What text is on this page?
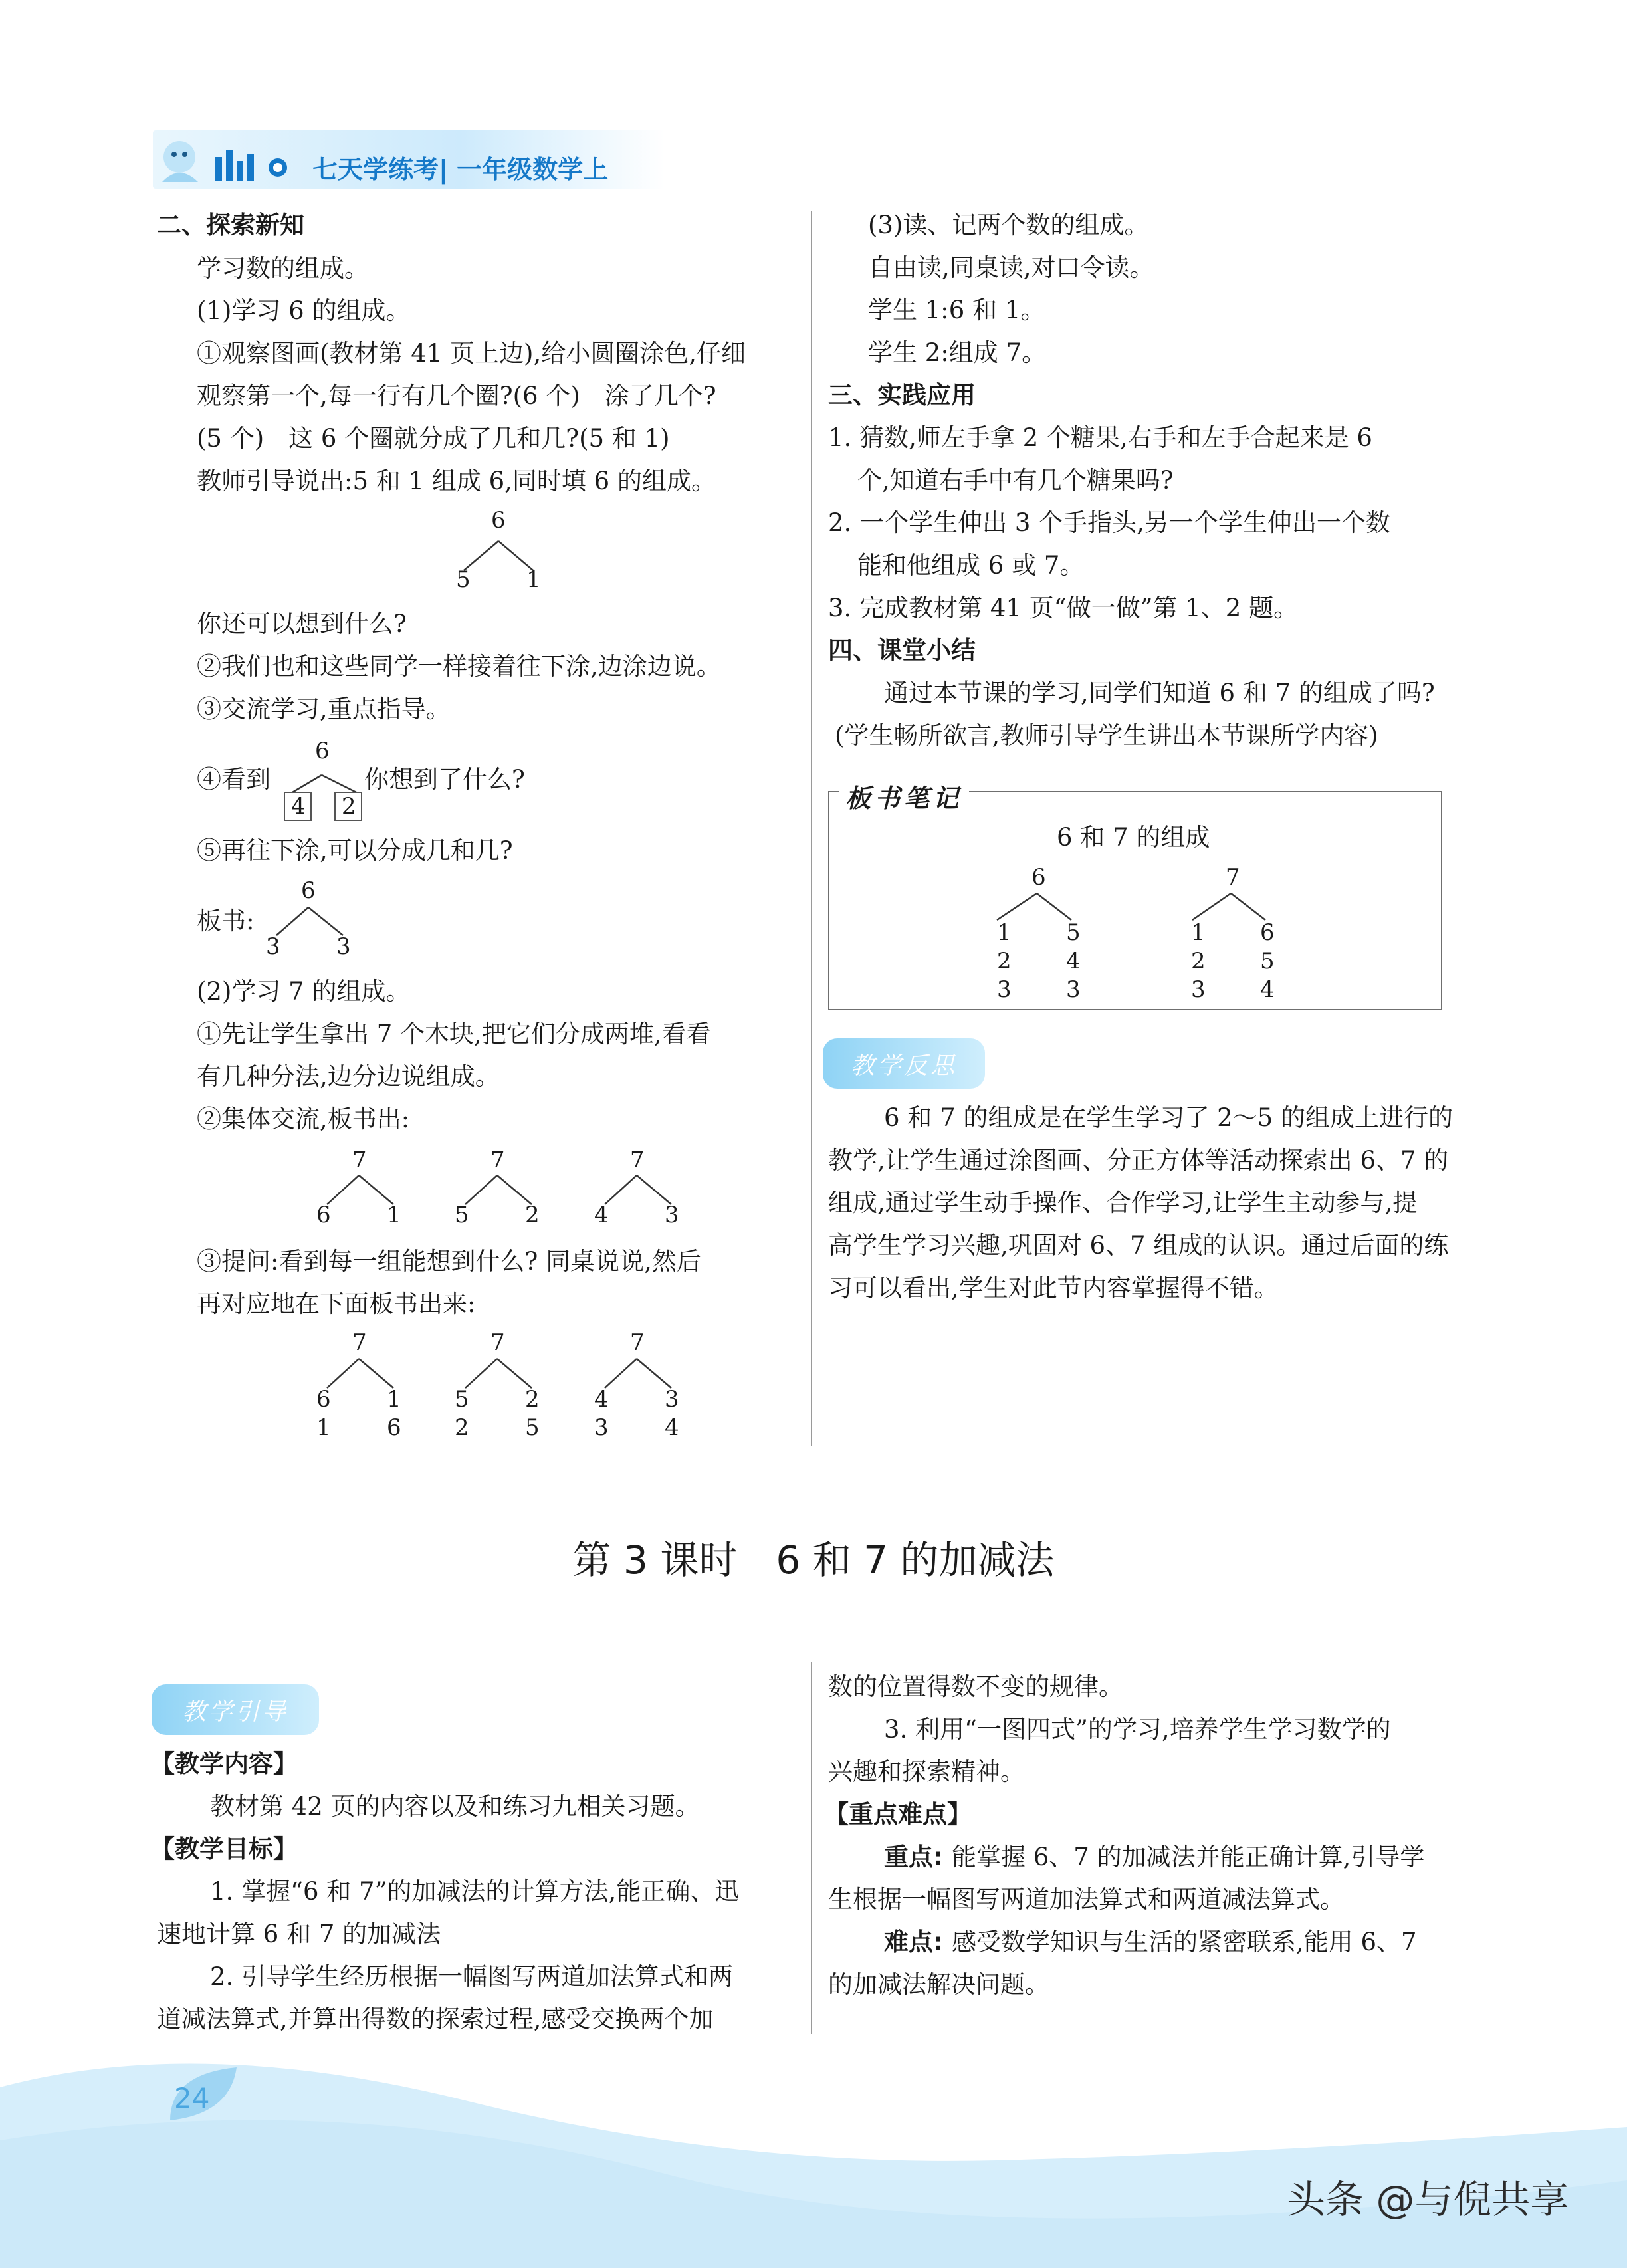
七天学练考| 一年级数学上
二、探索新知
学习数的组成。
(1)学习 6 的组成。
①观察图画(教材第 41 页上边),给小圆圈涂色,仔细
观察第一个,每一行有几个圈?(6 个)　涂了几个?
(5 个)　这 6 个圈就分成了几和几?(5 和 1)
教师引导说出:5 和 1 组成 6,同时填 6 的组成。
6
5 1
你还可以想到什么?
②我们也和这些同学一样接着往下涂,边涂边说。
③交流学习,重点指导。
④看到
6
4 2
你想到了什么?
⑤再往下涂,可以分成几和几?
板书:
6
3 3
(2)学习 7 的组成。
①先让学生拿出 7 个木块,把它们分成两堆,看看
有几种分法,边分边说组成。
②集体交流,板书出:
7
6 1
7
5 2
7
4 3
③提问:看到每一组能想到什么? 同桌说说,然后
再对应地在下面板书出来:
7
6 1
1 6
7
5 2
2 5
7
4 3
3 4
(3)读、记两个数的组成。
自由读,同桌读,对口令读。
学生 1:6 和 1。
学生 2:组成 7。
三、实践应用
1. 猜数,师左手拿 2 个糖果,右手和左手合起来是 6
个,知道右手中有几个糖果吗?
2. 一个学生伸出 3 个手指头,另一个学生伸出一个数
能和他组成 6 或 7。
3. 完成教材第 41 页“做一做”第 1、2 题。
四、课堂小结
通过本节课的学习,同学们知道 6 和 7 的组成了吗?
(学生畅所欲言,教师引导学生讲出本节课所学内容)
板书笔记
6 和 7 的组成
6
1
2
3
5
4
3
7
1
2
3
6
5
4
教学反思
6 和 7 的组成是在学生学习了 2～5 的组成上进行的
教学,让学生通过涂图画、分正方体等活动探索出 6、7 的
组成,通过学生动手操作、合作学习,让学生主动参与,提
高学生学习兴趣,巩固对 6、7 组成的认识。通过后面的练
习可以看出,学生对此节内容掌握得不错。
第 3 课时　6 和 7 的加减法
教学引导
【教学内容】
教材第 42 页的内容以及和练习九相关习题。
【教学目标】
1. 掌握“6 和 7”的加减法的计算方法,能正确、迅
速地计算 6 和 7 的加减法
2. 引导学生经历根据一幅图写两道加法算式和两
道减法算式,并算出得数的探索过程,感受交换两个加
数的位置得数不变的规律。
3. 利用“一图四式”的学习,培养学生学习数学的
兴趣和探索精神。
【重点难点】
重点: 能掌握 6、7 的加减法并能正确计算,引导学
生根据一幅图写两道加法算式和两道减法算式。
难点: 感受数学知识与生活的紧密联系,能用 6、7
的加减法解决问题。
24
头条 @与倪共享
